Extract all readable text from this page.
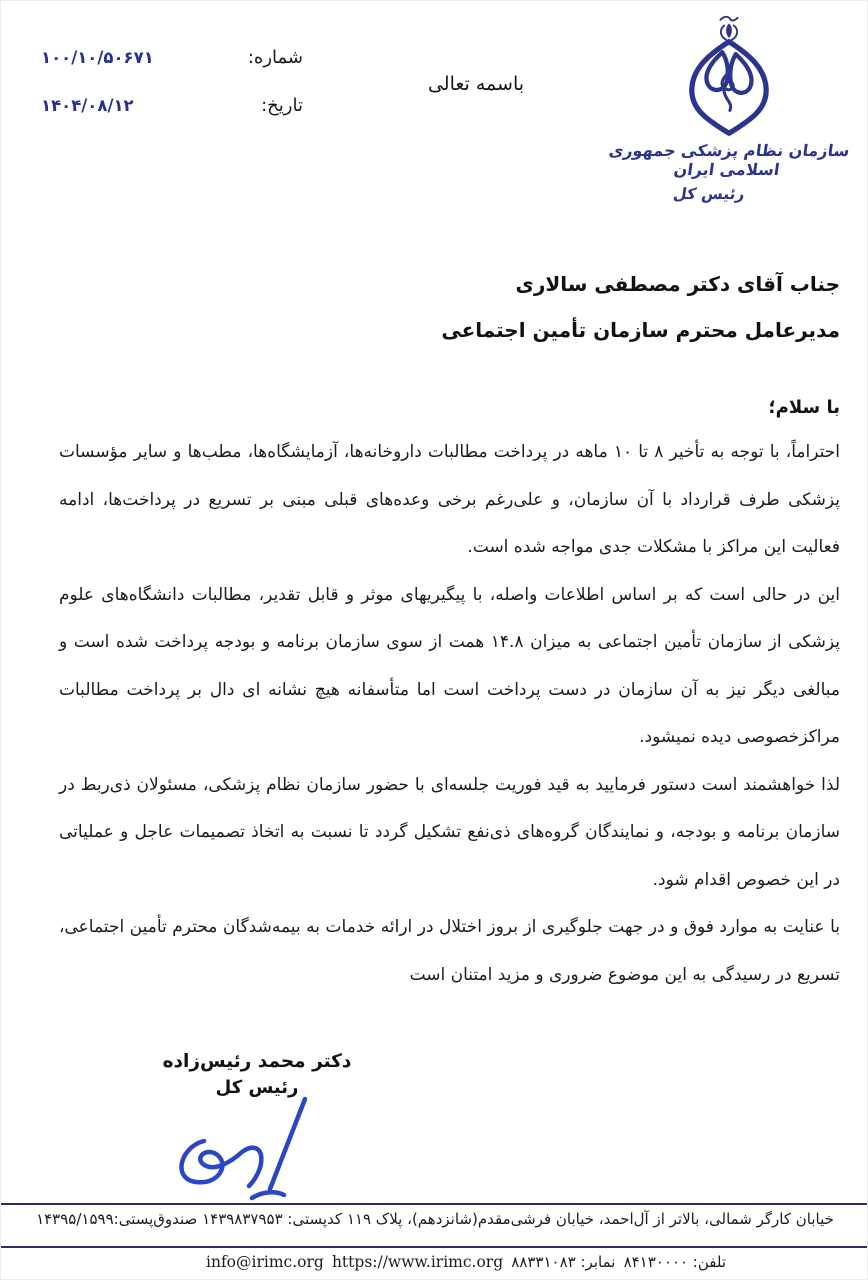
شماره:
۱۰۰/۱۰/۵۰۶۷۱
تاریخ:
۱۴۰۴/۰۸/۱۲
باسمه تعالی
سازمان نظام پزشکی جمهوری اسلامی ایران
رئیس کل
جناب آقای دکتر مصطفی سالاری
مدیرعامل محترم سازمان تأمین اجتماعی
با سلام؛

احتراماً، با توجه به تأخیر ۸ تا ۱۰ ماهه در پرداخت مطالبات داروخانه‌ها، آزمایشگاه‌ها، مطب‌ها و سایر مؤسسات پزشکی طرف قرارداد با آن سازمان، و علی‌رغم برخی وعده‌های قبلی مبنی بر تسریع در پرداخت‌ها، ادامه فعالیت این مراکز با مشکلات جدی مواجه شده است.

این در حالی است که بر اساس اطلاعات واصله، با پیگیریهای موثر و قابل تقدیر، مطالبات دانشگاه‌های علوم پزشکی از سازمان تأمین اجتماعی به میزان ۱۴.۸ همت از سوی سازمان برنامه و بودجه پرداخت شده است و مبالغی دیگر نیز به آن سازمان در دست پرداخت است اما متأسفانه هیچ نشانه ای دال بر پرداخت مطالبات مراکزخصوصی دیده نمیشود.

لذا خواهشمند است دستور فرمایید به قید فوریت جلسه‌ای با حضور سازمان نظام پزشکی، مسئولان ذی‌ربط در سازمان برنامه و بودجه، و نمایندگان گروه‌های ذی‌نفع تشکیل گردد تا نسبت به اتخاذ تصمیمات عاجل و عملیاتی در این خصوص اقدام شود.

با عنایت به موارد فوق و در جهت جلوگیری از بروز اختلال در ارائه خدمات به بیمه‌شدگان محترم تأمین اجتماعی، تسریع در رسیدگی به این موضوع ضروری و مزید امتنان است

دکتر محمد رئیس‌زاده
رئیس کل
خیابان کارگر شمالی، بالاتر از آل‌احمد، خیابان فرشی‌مقدم(شانزدهم)، پلاک ۱۱۹ کدپستی: ۱۴۳۹۸۳۷۹۵۳ صندوق‌پستی:۱۴۳۹۵/۱۵۹۹
تلفن: ۸۴۱۳۰۰۰۰
نمابر: ۸۸۳۳۱۰۸۳
https://www.irimc.org
info@irimc.org
